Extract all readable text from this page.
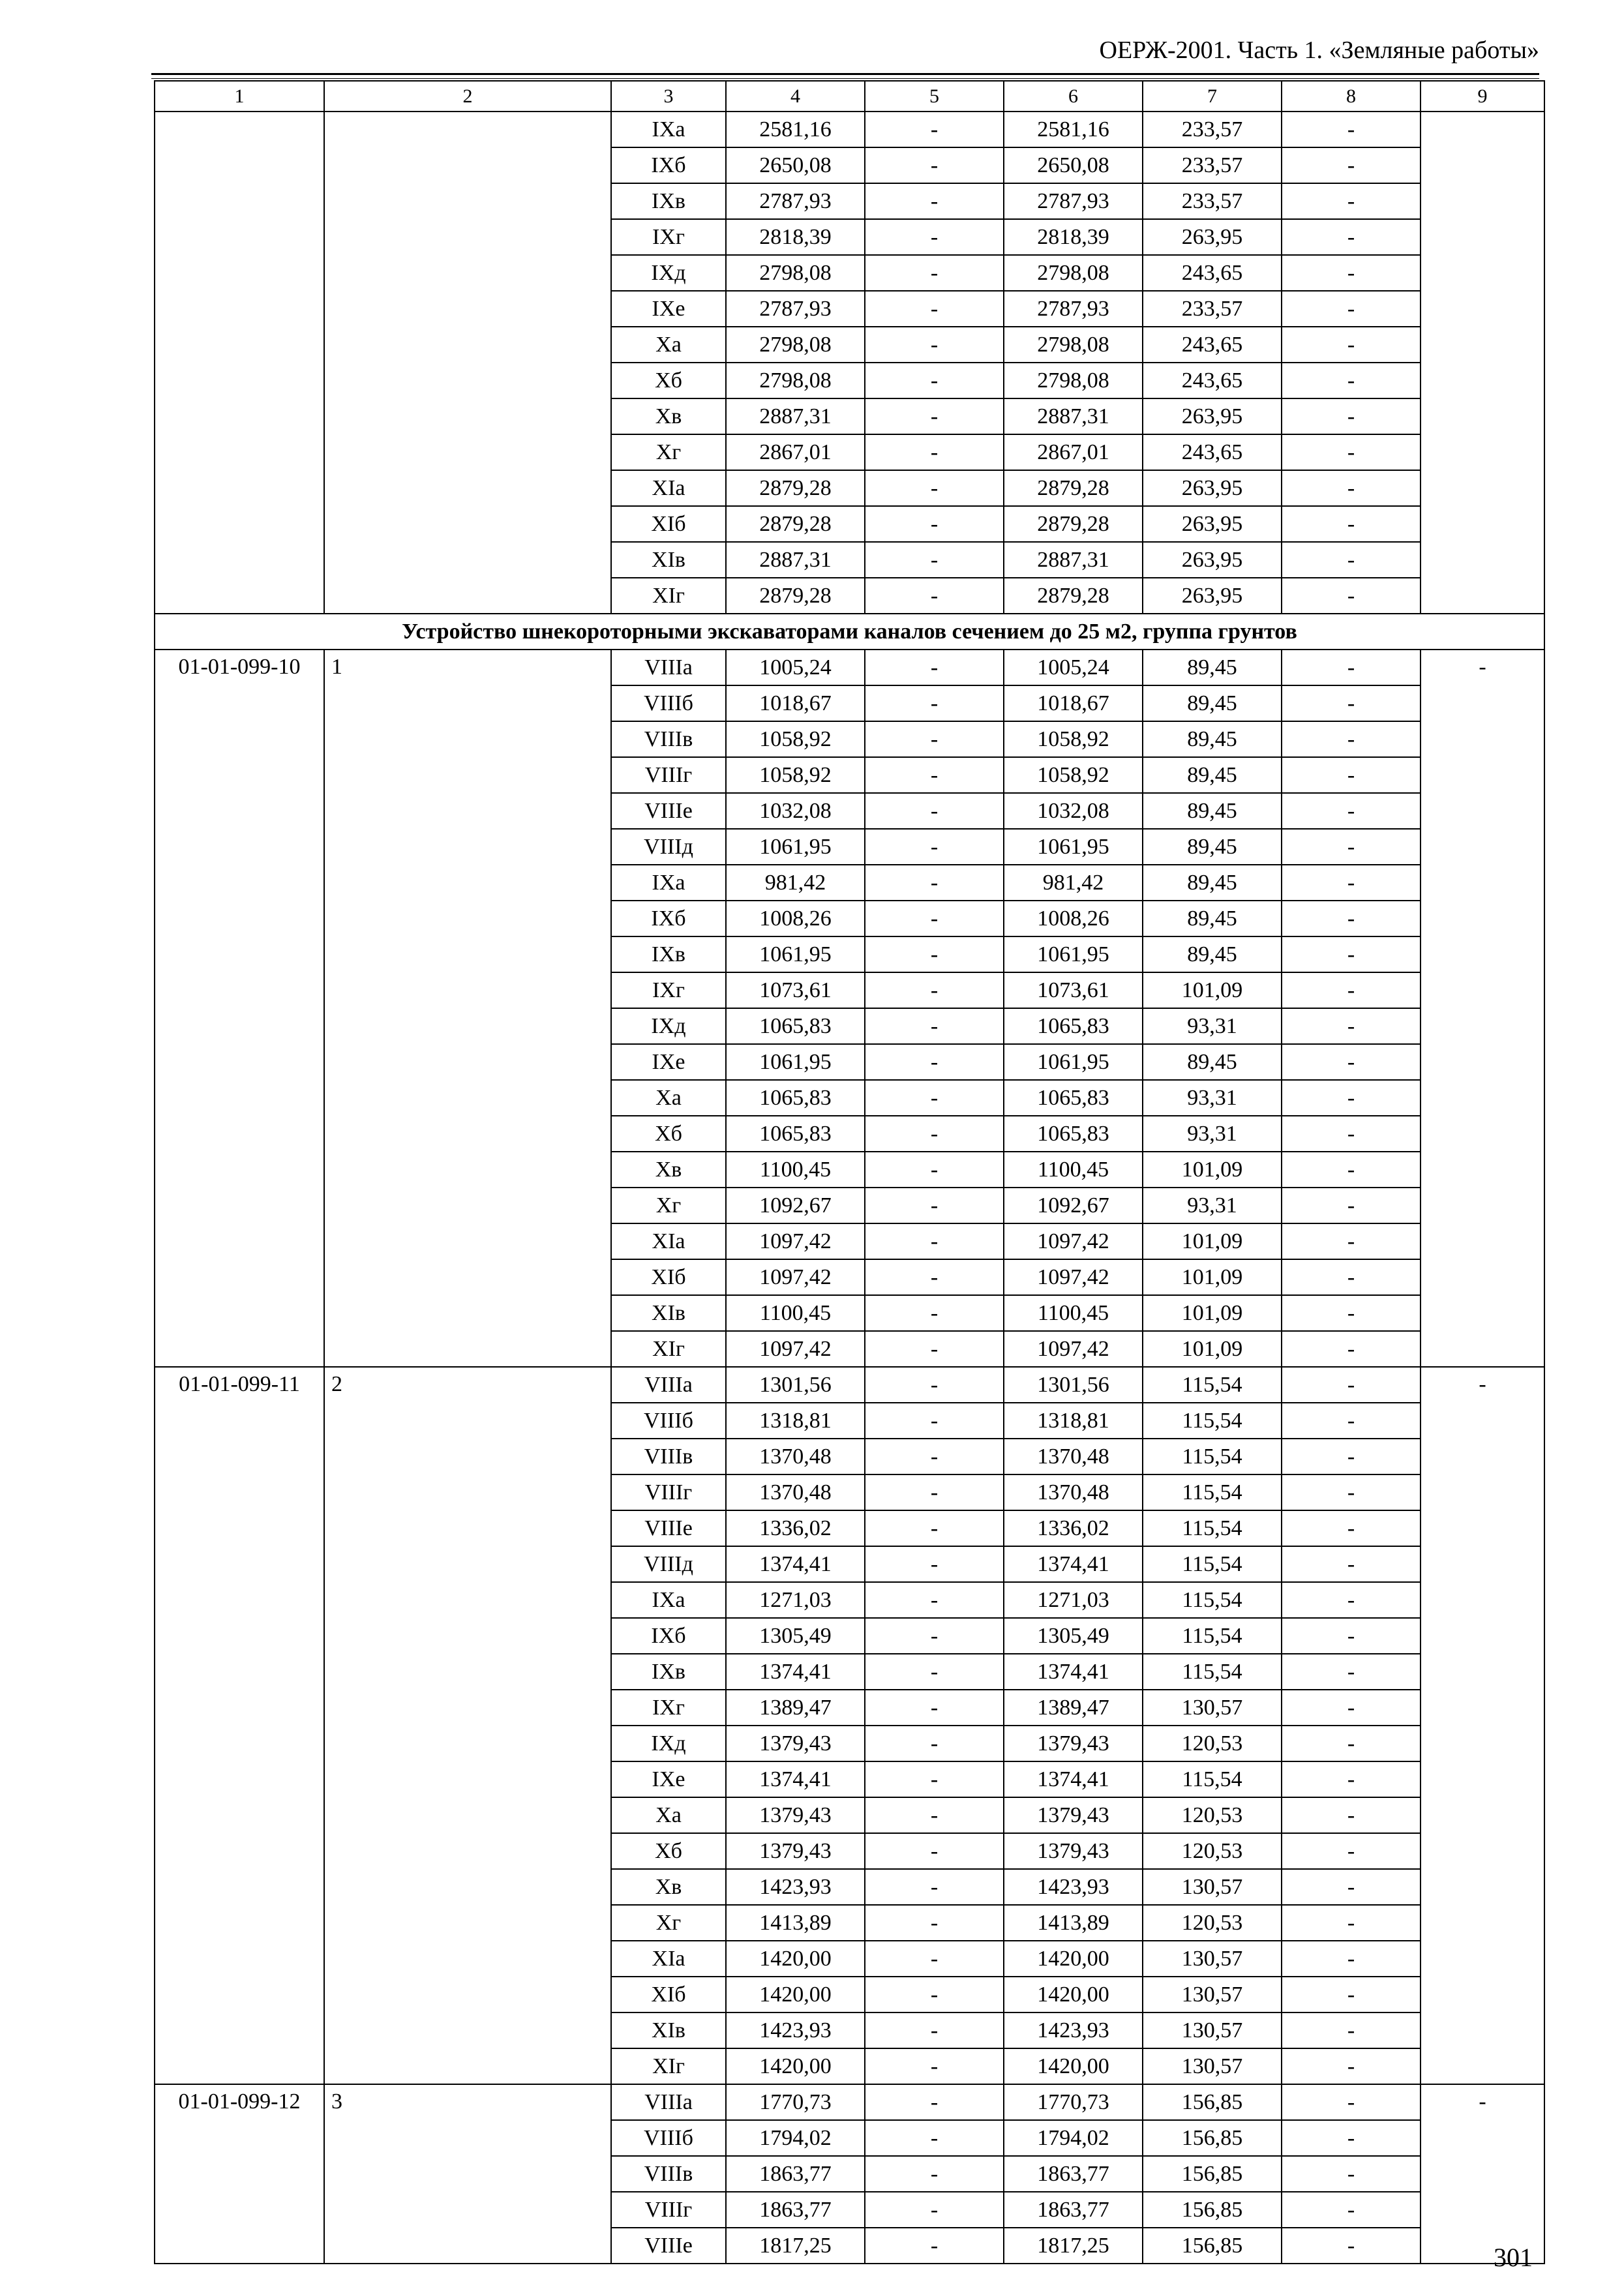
ОЕРЖ-2001. Часть 1. «Земляные работы»
1	2	3	4	5	6	7	8	9
		IXa	2581,16	-	2581,16	233,57	-	
		IXб	2650,08	-	2650,08	233,57	-	
		IXв	2787,93	-	2787,93	233,57	-	
		IXг	2818,39	-	2818,39	263,95	-	
		IXд	2798,08	-	2798,08	243,65	-	
		IXе	2787,93	-	2787,93	233,57	-	
		Xa	2798,08	-	2798,08	243,65	-	
		Xб	2798,08	-	2798,08	243,65	-	
		Xв	2887,31	-	2887,31	263,95	-	
		Xг	2867,01	-	2867,01	243,65	-	
		XIa	2879,28	-	2879,28	263,95	-	
		XIб	2879,28	-	2879,28	263,95	-	
		XIв	2887,31	-	2887,31	263,95	-	
		XIг	2879,28	-	2879,28	263,95	-	
Устройство шнекороторными экскаваторами каналов сечением до 25 м2, группа грунтов								
01-01-099-10	1	VIIIa	1005,24	-	1005,24	89,45	-	-
		VIIIб	1018,67	-	1018,67	89,45	-	
		VIIIв	1058,92	-	1058,92	89,45	-	
		VIIIг	1058,92	-	1058,92	89,45	-	
		VIIIе	1032,08	-	1032,08	89,45	-	
		VIIIд	1061,95	-	1061,95	89,45	-	
		IXa	981,42	-	981,42	89,45	-	
		IXб	1008,26	-	1008,26	89,45	-	
		IXв	1061,95	-	1061,95	89,45	-	
		IXг	1073,61	-	1073,61	101,09	-	
		IXд	1065,83	-	1065,83	93,31	-	
		IXе	1061,95	-	1061,95	89,45	-	
		Xa	1065,83	-	1065,83	93,31	-	
		Xб	1065,83	-	1065,83	93,31	-	
		Xв	1100,45	-	1100,45	101,09	-	
		Xг	1092,67	-	1092,67	93,31	-	
		XIa	1097,42	-	1097,42	101,09	-	
		XIб	1097,42	-	1097,42	101,09	-	
		XIв	1100,45	-	1100,45	101,09	-	
		XIг	1097,42	-	1097,42	101,09	-	
01-01-099-11	2	VIIIa	1301,56	-	1301,56	115,54	-	-
		VIIIб	1318,81	-	1318,81	115,54	-	
		VIIIв	1370,48	-	1370,48	115,54	-	
		VIIIг	1370,48	-	1370,48	115,54	-	
		VIIIе	1336,02	-	1336,02	115,54	-	
		VIIIд	1374,41	-	1374,41	115,54	-	
		IXa	1271,03	-	1271,03	115,54	-	
		IXб	1305,49	-	1305,49	115,54	-	
		IXв	1374,41	-	1374,41	115,54	-	
		IXг	1389,47	-	1389,47	130,57	-	
		IXд	1379,43	-	1379,43	120,53	-	
		IXе	1374,41	-	1374,41	115,54	-	
		Xa	1379,43	-	1379,43	120,53	-	
		Xб	1379,43	-	1379,43	120,53	-	
		Xв	1423,93	-	1423,93	130,57	-	
		Xг	1413,89	-	1413,89	120,53	-	
		XIa	1420,00	-	1420,00	130,57	-	
		XIб	1420,00	-	1420,00	130,57	-	
		XIв	1423,93	-	1423,93	130,57	-	
		XIг	1420,00	-	1420,00	130,57	-	
01-01-099-12	3	VIIIa	1770,73	-	1770,73	156,85	-	-
		VIIIб	1794,02	-	1794,02	156,85	-	
		VIIIв	1863,77	-	1863,77	156,85	-	
		VIIIг	1863,77	-	1863,77	156,85	-	
		VIIIе	1817,25	-	1817,25	156,85	-		301
